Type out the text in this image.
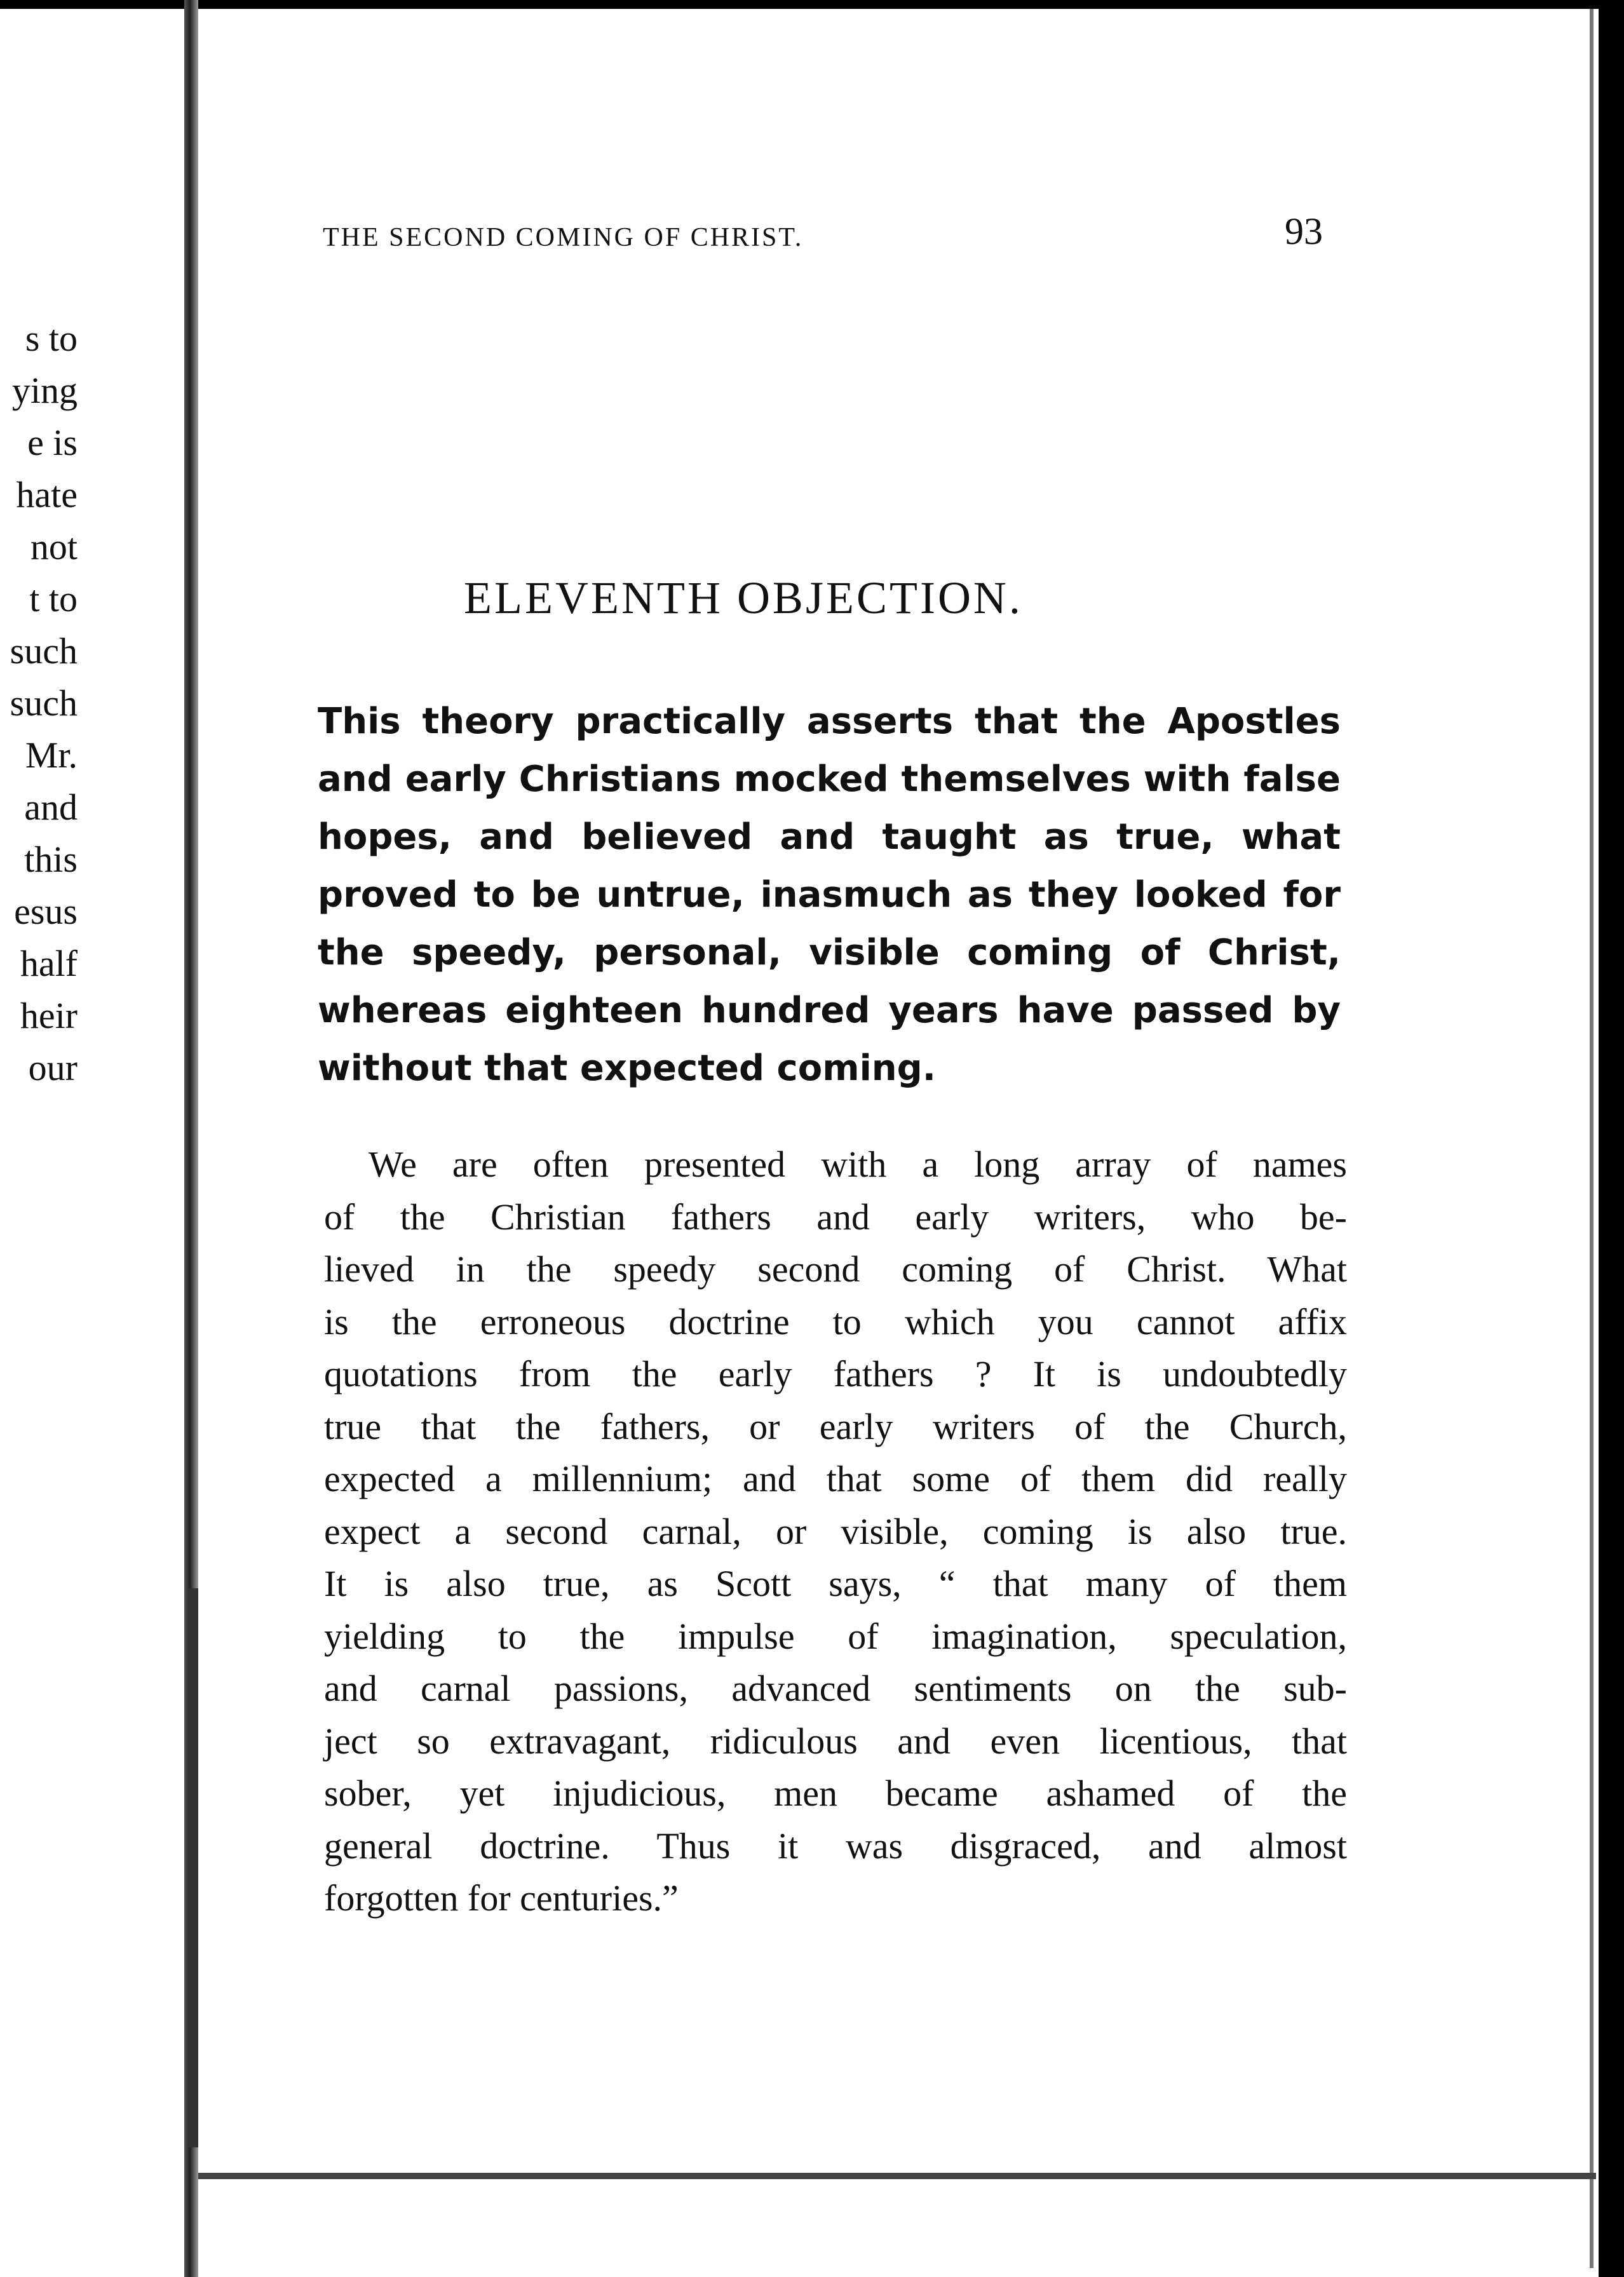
s to
ying
e is
hate
not
t to
such
such
Mr.
and
this
esus
half
heir
our
THE SECOND COMING OF CHRIST.	93
ELEVENTH OBJECTION.
This theory practically asserts that the Apostles
and early Christians mocked themselves with false
hopes, and believed and taught as true, what
proved to be untrue, inasmuch as they looked for
the speedy, personal, visible coming of Christ,
whereas eighteen hundred years have passed by
without that expected coming.
We are often presented with a long array of names
of the Christian fathers and early writers, who be-
lieved in the speedy second coming of Christ. What
is the erroneous doctrine to which you cannot affix
quotations from the early fathers ? It is undoubtedly
true that the fathers, or early writers of the Church,
expected a millennium; and that some of them did really
expect a second carnal, or visible, coming is also true.
It is also true, as Scott says, “ that many of them
yielding to the impulse of imagination, speculation,
and carnal passions, advanced sentiments on the sub-
ject so extravagant, ridiculous and even licentious, that
sober, yet injudicious, men became ashamed of the
general doctrine. Thus it was disgraced, and almost
forgotten for centuries.”
